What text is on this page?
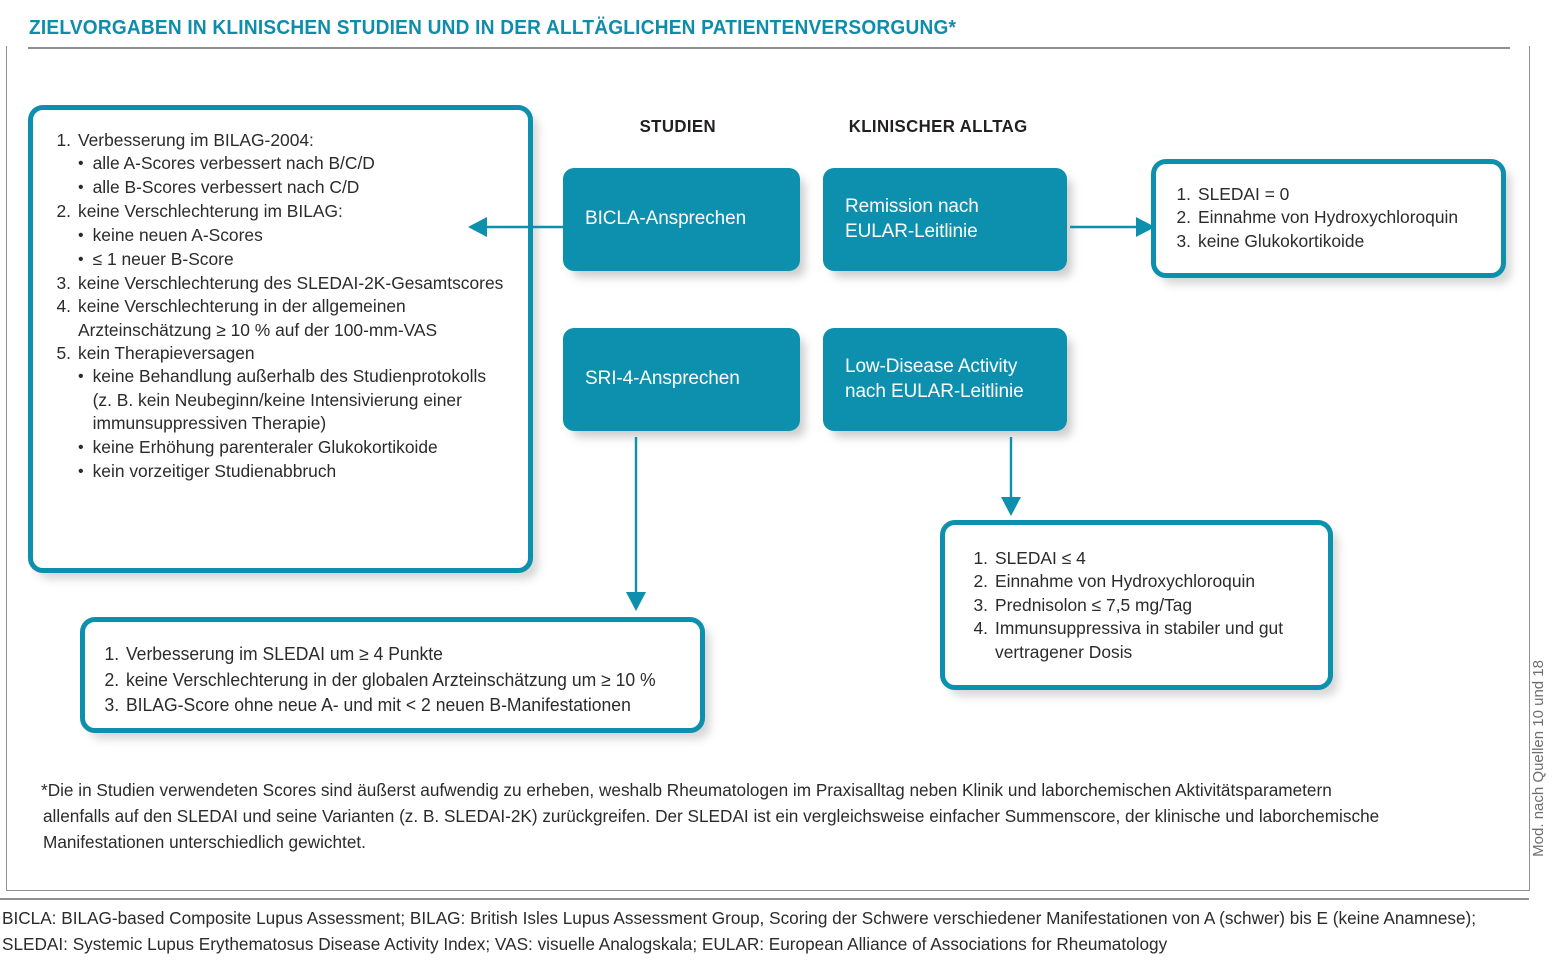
ZIELVORGABEN IN KLINISCHEN STUDIEN UND IN DER ALLTÄGLICHEN PATIENTENVERSORGUNG*
STUDIEN	KLINISCHER ALLTAG
BICLA-Ansprechen
Remission nach
EULAR-Leitlinie
SRI-4-Ansprechen
Low-Disease Activity
nach EULAR-Leitlinie
1. Verbesserung im BILAG-2004:
• alle A-Scores verbessert nach B/C/D
• alle B-Scores verbessert nach C/D
2. keine Verschlechterung im BILAG:
• keine neuen A-Scores
• ≤ 1 neuer B-Score
3. keine Verschlechterung des SLEDAI-2K-Gesamtscores
4. keine Verschlechterung in der allgemeinen Arzteinschätzung ≥ 10 % auf der 100-mm-VAS
5. kein Therapieversagen
• keine Behandlung außerhalb des Studienprotokolls (z. B. kein Neubeginn/keine Intensivierung einer immunsuppressiven Therapie)
• keine Erhöhung parenteraler Glukokortikoide
• kein vorzeitiger Studienabbruch
1. SLEDAI = 0
2. Einnahme von Hydroxychloroquin
3. keine Glukokortikoide
1. SLEDAI ≤ 4
2. Einnahme von Hydroxychloroquin
3. Prednisolon ≤ 7,5 mg/Tag
4. Immunsuppressiva in stabiler und gut vertragener Dosis
1. Verbesserung im SLEDAI um ≥ 4 Punkte
2. keine Verschlechterung in der globalen Arzteinschätzung um ≥ 10 %
3. BILAG-Score ohne neue A- und mit < 2 neuen B-Manifestationen
*Die in Studien verwendeten Scores sind äußerst aufwendig zu erheben, weshalb Rheumatologen im Praxisalltag neben Klinik und laborchemischen Aktivitätsparametern
allenfalls auf den SLEDAI und seine Varianten (z. B. SLEDAI-2K) zurückgreifen. Der SLEDAI ist ein vergleichsweise einfacher Summenscore, der klinische und laborchemische
Manifestationen unterschiedlich gewichtet.
BICLA: BILAG-based Composite Lupus Assessment; BILAG: British Isles Lupus Assessment Group, Scoring der Schwere verschiedener Manifestationen von A (schwer) bis E (keine Anamnese);
SLEDAI: Systemic Lupus Erythematosus Disease Activity Index; VAS: visuelle Analogskala; EULAR: European Alliance of Associations for Rheumatology
Mod. nach Quellen 10 und 18
